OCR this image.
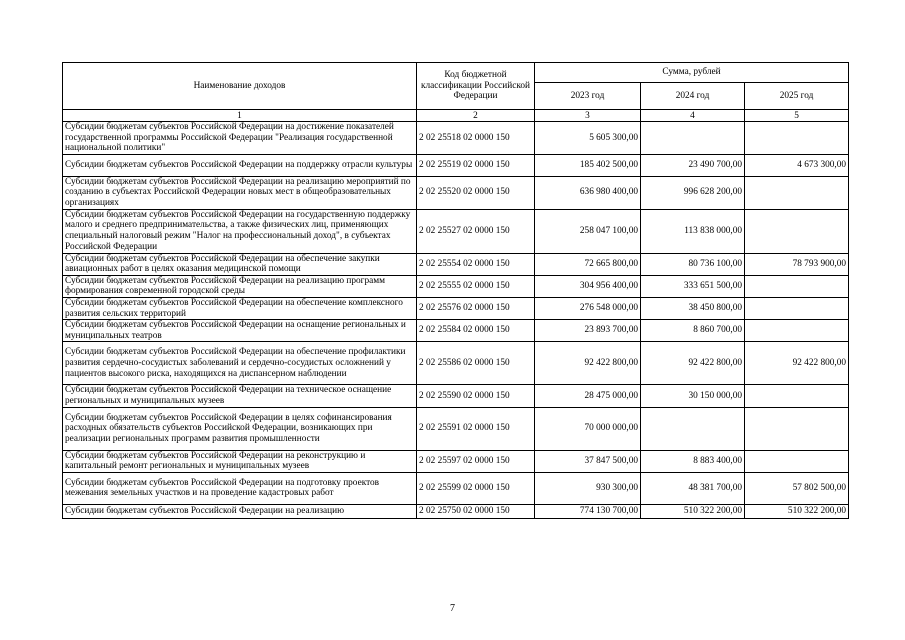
Наименование доходов	Код бюджетной классификации Российской Федерации	Сумма, рублей		
		2023 год	2024 год	2025 год
1	2	3	4	5
Субсидии бюджетам субъектов Российской Федерации на достижение показателей государственной программы Российской Федерации "Реализация государственной национальной политики"	2 02 25518 02 0000 150	5 605 300,00		
Субсидии бюджетам субъектов Российской Федерации на поддержку отрасли культуры	2 02 25519 02 0000 150	185 402 500,00	23 490 700,00	4 673 300,00
Субсидии бюджетам субъектов Российской Федерации на реализацию мероприятий по созданию в субъектах Российской Федерации новых мест в общеобразовательных организациях	2 02 25520 02 0000 150	636 980 400,00	996 628 200,00	
Субсидии бюджетам субъектов Российской Федерации на государственную поддержку малого и среднего предпринимательства, а также физических лиц, применяющих специальный налоговый режим "Налог на профессиональный доход", в субъектах Российской Федерации	2 02 25527 02 0000 150	258 047 100,00	113 838 000,00	
Субсидии бюджетам субъектов Российской Федерации на обеспечение закупки авиационных работ в целях оказания медицинской помощи	2 02 25554 02 0000 150	72 665 800,00	80 736 100,00	78 793 900,00
Субсидии бюджетам субъектов Российской Федерации на реализацию программ формирования современной городской среды	2 02 25555 02 0000 150	304 956 400,00	333 651 500,00	
Субсидии бюджетам субъектов Российской Федерации на обеспечение комплексного развития сельских территорий	2 02 25576 02 0000 150	276 548 000,00	38 450 800,00	
Субсидии бюджетам субъектов Российской Федерации на оснащение региональных и муниципальных театров	2 02 25584 02 0000 150	23 893 700,00	8 860 700,00	
Субсидии бюджетам субъектов Российской Федерации на обеспечение профилактики развития сердечно-сосудистых заболеваний и сердечно-сосудистых осложнений у пациентов высокого риска, находящихся на диспансерном наблюдении	2 02 25586 02 0000 150	92 422 800,00	92 422 800,00	92 422 800,00
Субсидии бюджетам субъектов Российской Федерации на техническое оснащение региональных и муниципальных музеев	2 02 25590 02 0000 150	28 475 000,00	30 150 000,00	
Субсидии бюджетам субъектов Российской Федерации в целях софинансирования расходных обязательств субъектов Российской Федерации, возникающих при реализации региональных программ развития промышленности	2 02 25591 02 0000 150	70 000 000,00		
Субсидии бюджетам субъектов Российской Федерации на реконструкцию и капитальный ремонт региональных и муниципальных музеев	2 02 25597 02 0000 150	37 847 500,00	8 883 400,00	
Субсидии бюджетам субъектов Российской Федерации на подготовку проектов межевания земельных участков и на проведение кадастровых работ	2 02 25599 02 0000 150	930 300,00	48 381 700,00	57 802 500,00
Субсидии бюджетам субъектов Российской Федерации на реализацию	2 02 25750 02 0000 150	774 130 700,00	510 322 200,00	510 322 200,00
7
